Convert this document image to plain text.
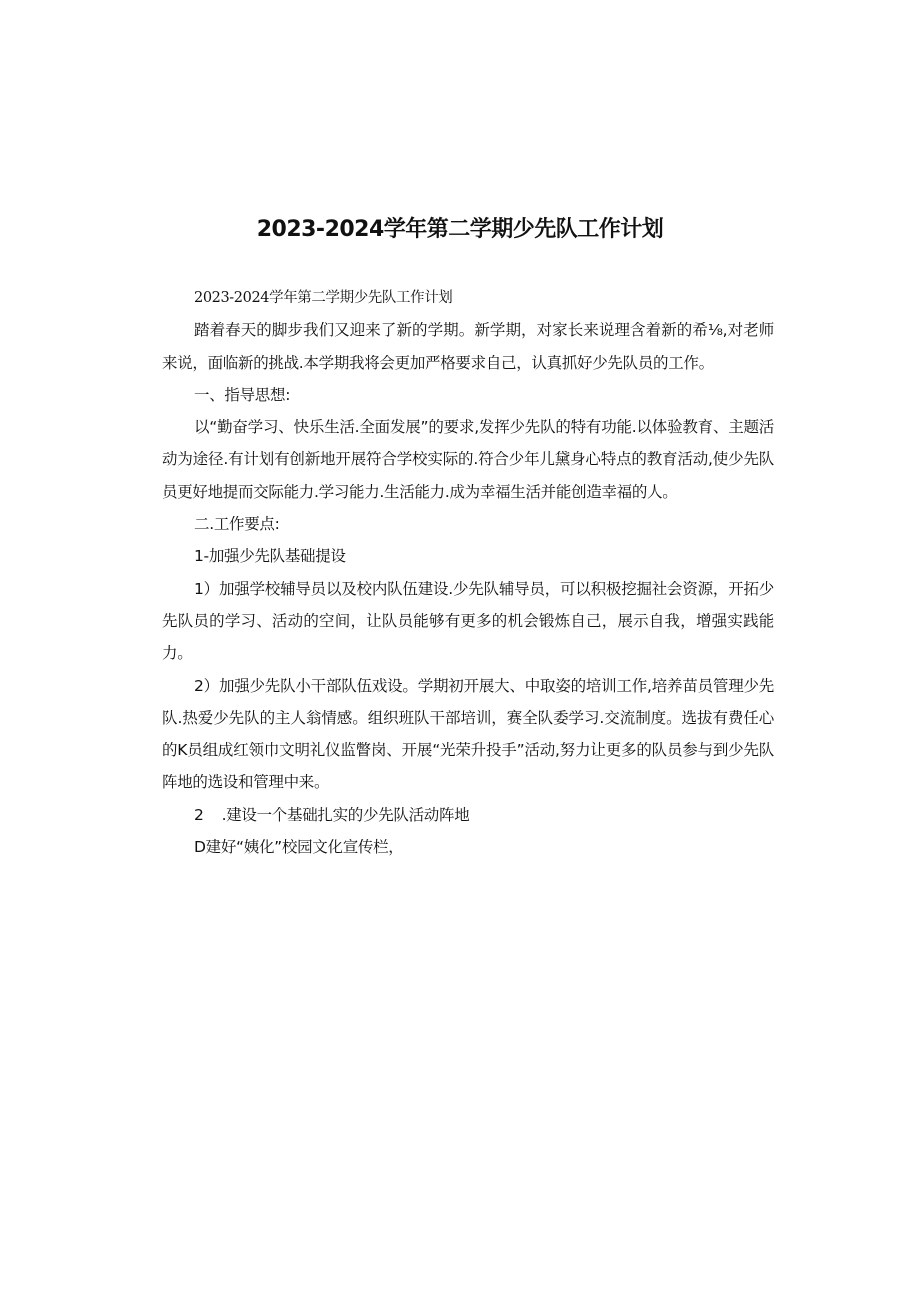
2023-2024学年第二学期少先队工作计划

2023-2024学年第二学期少先队工作计划

踏着春天的脚步我们又迎来了新的学期。新学期，对家长来说理含着新的希⅛,对老师来说，面临新的挑战.本学期我将会更加严格要求自己，认真抓好少先队员的工作。

一、指导思想:

以“勤奋学习、快乐生活.全面发展”的要求,发挥少先队的特有功能.以体验教育、主题活动为途径.有计划有创新地开展符合学校实际的.符合少年儿黛身心特点的教育活动,使少先队员更好地提而交际能力.学习能力.生活能力.成为幸福生活并能创造幸福的人。

二.工作要点:

1-加强少先队基础提设

1）加强学校辅导员以及校内队伍建设.少先队辅导员，可以积极挖掘社会资源，开拓少先队员的学习、活动的空间，让队员能够有更多的机会锻炼自己，展示自我，增强实践能力。

2）加强少先队小干部队伍戏设。学期初开展大、中取姿的培训工作,培养苗员管理少先队.热爱少先队的主人翁情感。组织班队干部培训，赛全队委学习.交流制度。选拔有费任心的K员组成红领巾文明礼仪监瞥岗、开展“光荣升投手”活动,努力让更多的队员参与到少先队阵地的选设和管理中来。

2 .建设一个基础扎实的少先队活动阵地

D建好“姨化”校园文化宣传栏，
